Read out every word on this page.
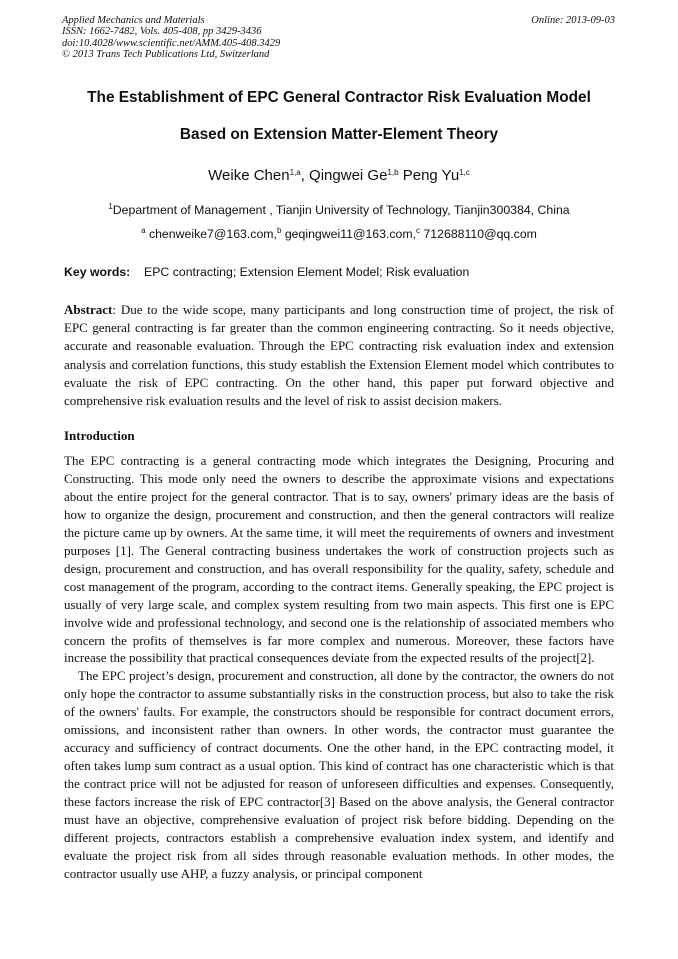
Applied Mechanics and Materials
ISSN: 1662-7482, Vols. 405-408, pp 3429-3436
doi:10.4028/www.scientific.net/AMM.405-408.3429
© 2013 Trans Tech Publications Ltd, Switzerland
Online: 2013-09-03
The Establishment of EPC General Contractor Risk Evaluation Model
Based on Extension Matter-Element Theory
Weike Chen$^{1,a}$, Qingwei Ge$^{1,b}$ Peng Yu$^{1,c}$
$^1$Department of Management , Tianjin University of Technology, Tianjin300384, China
$^a$ chenweike7@163.com,$^b$ geqingwei11@163.com,$^c$ 712688110@qq.com
Key words: EPC contracting; Extension Element Model; Risk evaluation
Abstract: Due to the wide scope, many participants and long construction time of project, the risk of EPC general contracting is far greater than the common engineering contracting. So it needs objective, accurate and reasonable evaluation. Through the EPC contracting risk evaluation index and extension analysis and correlation functions, this study establish the Extension Element model which contributes to evaluate the risk of EPC contracting. On the other hand, this paper put forward objective and comprehensive risk evaluation results and the level of risk to assist decision makers.
Introduction

The EPC contracting is a general contracting mode which integrates the Designing, Procuring and Constructing. This mode only need the owners to describe the approximate visions and expectations about the entire project for the general contractor. That is to say, owners' primary ideas are the basis of how to organize the design, procurement and construction, and then the general contractors will realize the picture came up by owners. At the same time, it will meet the requirements of owners and investment purposes [1]. The General contracting business undertakes the work of construction projects such as design, procurement and construction, and has overall responsibility for the quality, safety, schedule and cost management of the program, according to the contract items. Generally speaking, the EPC project is usually of very large scale, and complex system resulting from two main aspects. This first one is EPC involve wide and professional technology, and second one is the relationship of associated members who concern the profits of themselves is far more complex and numerous. Moreover, these factors have increase the possibility that practical consequences deviate from the expected results of the project[2].

The EPC project’s design, procurement and construction, all done by the contractor, the owners do not only hope the contractor to assume substantially risks in the construction process, but also to take the risk of the owners' faults. For example, the constructors should be responsible for contract document errors, omissions, and inconsistent rather than owners. In other words, the contractor must guarantee the accuracy and sufficiency of contract documents. One the other hand, in the EPC contracting model, it often takes lump sum contract as a usual option. This kind of contract has one characteristic which is that the contract price will not be adjusted for reason of unforeseen difficulties and expenses. Consequently, these factors increase the risk of EPC contractor[3] Based on the above analysis, the General contractor must have an objective, comprehensive evaluation of project risk before bidding. Depending on the different projects, contractors establish a comprehensive evaluation index system, and identify and evaluate the project risk from all sides through reasonable evaluation methods. In other modes, the contractor usually use AHP, a fuzzy analysis, or principal component
